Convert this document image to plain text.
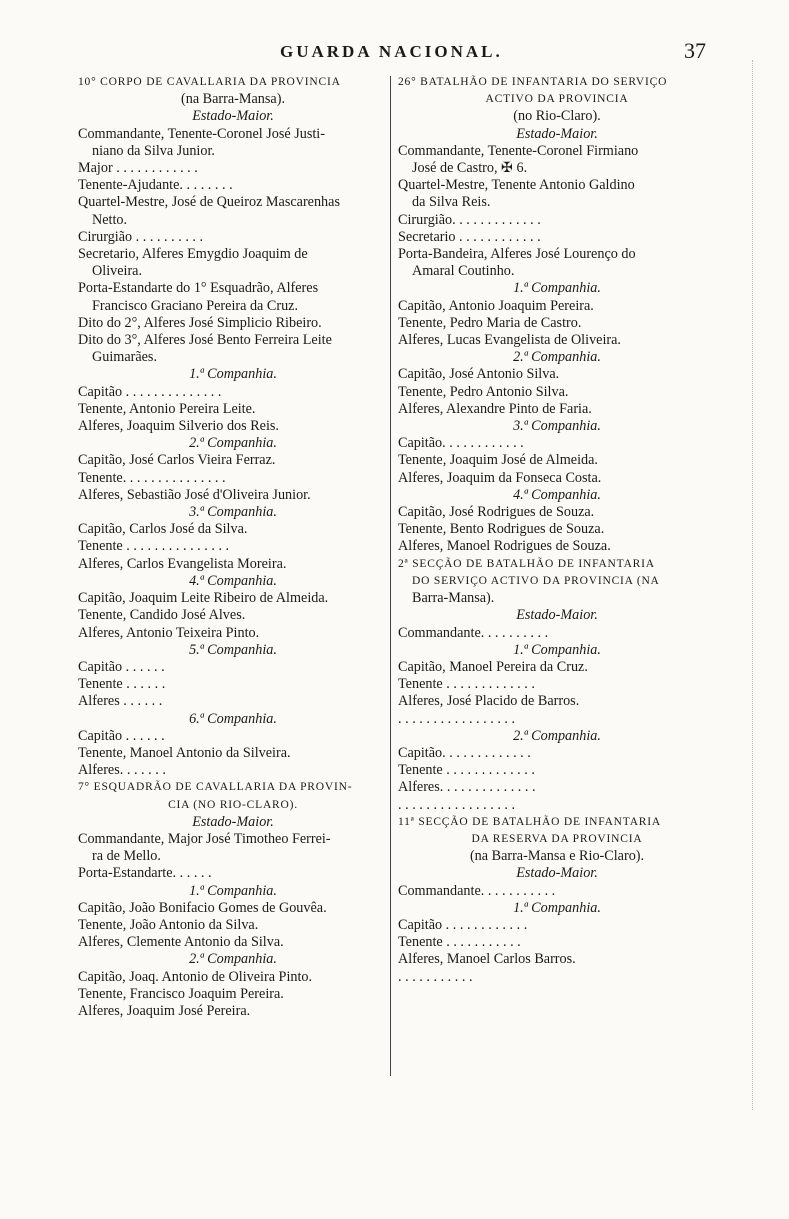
GUARDA NACIONAL.	37
10° CORPO DE CAVALLARIA DA PROVINCIA
(na Barra-Mansa).
Estado-Maior.
Commandante, Tenente-Coronel José Justi-
niano da Silva Junior.
Major . . . . . . . . . . . .
Tenente-Ajudante. . . . . . . .
Quartel-Mestre, José de Queiroz Mascarenhas
Netto.
Cirurgião . . . . . . . . . .
Secretario, Alferes Emygdio Joaquim de
Oliveira.
Porta-Estandarte do 1° Esquadrão, Alferes
Francisco Graciano Pereira da Cruz.
Dito do 2°, Alferes José Simplicio Ribeiro.
Dito do 3°, Alferes José Bento Ferreira Leite
Guimarães.
1.ª Companhia.
Capitão . . . . . . . . . . . . . .
Tenente, Antonio Pereira Leite.
Alferes, Joaquim Silverio dos Reis.
2.ª Companhia.
Capitão, José Carlos Vieira Ferraz.
Tenente. . . . . . . . . . . . . . .
Alferes, Sebastião José d'Oliveira Junior.
3.ª Companhia.
Capitão, Carlos José da Silva.
Tenente . . . . . . . . . . . . . . .
Alferes, Carlos Evangelista Moreira.
4.ª Companhia.
Capitão, Joaquim Leite Ribeiro de Almeida.
Tenente, Candido José Alves.
Alferes, Antonio Teixeira Pinto.
5.ª Companhia.
Capitão . . . . . .
Tenente . . . . . .
Alferes . . . . . .
6.ª Companhia.
Capitão . . . . . .
Tenente, Manoel Antonio da Silveira.
Alferes. . . . . . .
7° ESQUADRÃO DE CAVALLARIA DA PROVIN-
CIA (NO RIO-CLARO).
Estado-Maior.
Commandante, Major José Timotheo Ferrei-
ra de Mello.
Porta-Estandarte. . . . . .
1.ª Companhia.
Capitão, João Bonifacio Gomes de Gouvêa.
Tenente, João Antonio da Silva.
Alferes, Clemente Antonio da Silva.
2.ª Companhia.
Capitão, Joaq. Antonio de Oliveira Pinto.
Tenente, Francisco Joaquim Pereira.
Alferes, Joaquim José Pereira.
26° BATALHÃO DE INFANTARIA DO SERVIÇO
ACTIVO DA PROVINCIA
(no Rio-Claro).
Estado-Maior.
Commandante, Tenente-Coronel Firmiano
José de Castro, ✠ 6.
Quartel-Mestre, Tenente Antonio Galdino
da Silva Reis.
Cirurgião. . . . . . . . . . . . .
Secretario . . . . . . . . . . . .
Porta-Bandeira, Alferes José Lourenço do
Amaral Coutinho.
1.ª Companhia.
Capitão, Antonio Joaquim Pereira.
Tenente, Pedro Maria de Castro.
Alferes, Lucas Evangelista de Oliveira.
2.ª Companhia.
Capitão, José Antonio Silva.
Tenente, Pedro Antonio Silva.
Alferes, Alexandre Pinto de Faria.
3.ª Companhia.
Capitão. . . . . . . . . . . .
Tenente, Joaquim José de Almeida.
Alferes, Joaquim da Fonseca Costa.
4.ª Companhia.
Capitão, José Rodrigues de Souza.
Tenente, Bento Rodrigues de Souza.
Alferes, Manoel Rodrigues de Souza.
2ª SECÇÃO DE BATALHÃO DE INFANTARIA
DO SERVIÇO ACTIVO DA PROVINCIA (NA
Barra-Mansa).
Estado-Maior.
Commandante. . . . . . . . . .
1.ª Companhia.
Capitão, Manoel Pereira da Cruz.
Tenente . . . . . . . . . . . . .
Alferes, José Placido de Barros.
. . . . . . . . . . . . . . . . .
2.ª Companhia.
Capitão. . . . . . . . . . . . .
Tenente . . . . . . . . . . . . .
Alferes. . . . . . . . . . . . . .
. . . . . . . . . . . . . . . . .
11ª SECÇÃO DE BATALHÃO DE INFANTARIA
DA RESERVA DA PROVINCIA
(na Barra-Mansa e Rio-Claro).
Estado-Maior.
Commandante. . . . . . . . . . .
1.ª Companhia.
Capitão . . . . . . . . . . . .
Tenente . . . . . . . . . . .
Alferes, Manoel Carlos Barros.
. . . . . . . . . . .
